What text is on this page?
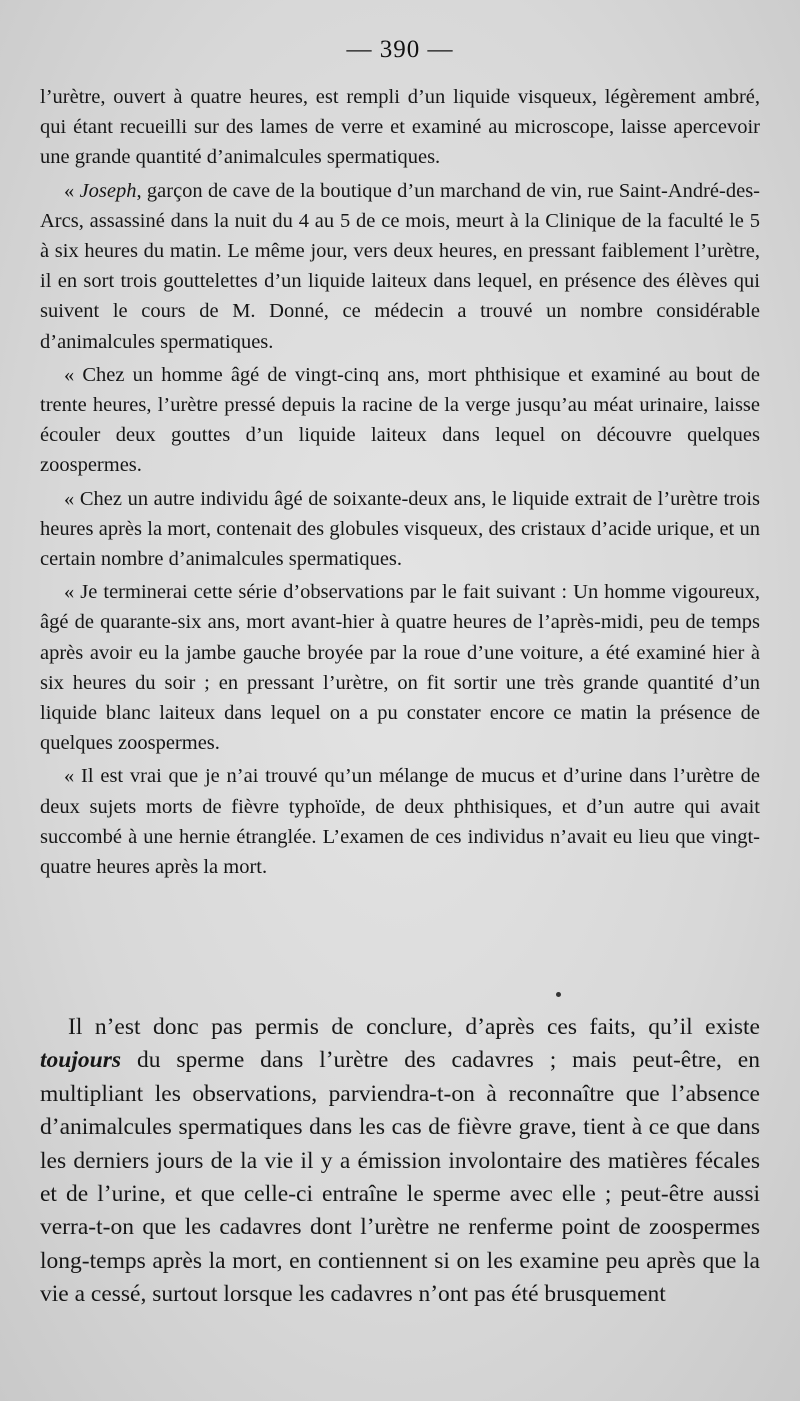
— 390 —

l’urètre, ouvert à quatre heures, est rempli d’un liquide visqueux, légèrement ambré, qui étant recueilli sur des lames de verre et examiné au microscope, laisse apercevoir une grande quantité d’animalcules spermatiques.

« Joseph, garçon de cave de la boutique d’un marchand de vin, rue Saint-André-des-Arcs, assassiné dans la nuit du 4 au 5 de ce mois, meurt à la Clinique de la faculté le 5 à six heures du matin. Le même jour, vers deux heures, en pressant faiblement l’urètre, il en sort trois gouttelettes d’un liquide laiteux dans lequel, en présence des élèves qui suivent le cours de M. Donné, ce médecin a trouvé un nombre considérable d’animalcules spermatiques.

« Chez un homme âgé de vingt-cinq ans, mort phthisique et examiné au bout de trente heures, l’urètre pressé depuis la racine de la verge jusqu’au méat urinaire, laisse écouler deux gouttes d’un liquide laiteux dans lequel on découvre quelques zoospermes.

« Chez un autre individu âgé de soixante-deux ans, le liquide extrait de l’urètre trois heures après la mort, contenait des globules visqueux, des cristaux d’acide urique, et un certain nombre d’animalcules spermatiques.

« Je terminerai cette série d’observations par le fait suivant : Un homme vigoureux, âgé de quarante-six ans, mort avant-hier à quatre heures de l’après-midi, peu de temps après avoir eu la jambe gauche broyée par la roue d’une voiture, a été examiné hier à six heures du soir ; en pressant l’urètre, on fit sortir une très grande quantité d’un liquide blanc laiteux dans lequel on a pu constater encore ce matin la présence de quelques zoospermes.

« Il est vrai que je n’ai trouvé qu’un mélange de mucus et d’urine dans l’urètre de deux sujets morts de fièvre typhoïde, de deux phthisiques, et d’un autre qui avait succombé à une hernie étranglée. L’examen de ces individus n’avait eu lieu que vingt-quatre heures après la mort.

Il n’est donc pas permis de conclure, d’après ces faits, qu’il existe toujours du sperme dans l’urètre des cadavres ; mais peut-être, en multipliant les observations, parviendra-t-on à reconnaître que l’absence d’animalcules spermatiques dans les cas de fièvre grave, tient à ce que dans les derniers jours de la vie il y a émission involontaire des matières fécales et de l’urine, et que celle-ci entraîne le sperme avec elle ; peut-être aussi verra-t-on que les cadavres dont l’urètre ne renferme point de zoospermes long-temps après la mort, en contiennent si on les examine peu après que la vie a cessé, surtout lorsque les cadavres n’ont pas été brusquement
